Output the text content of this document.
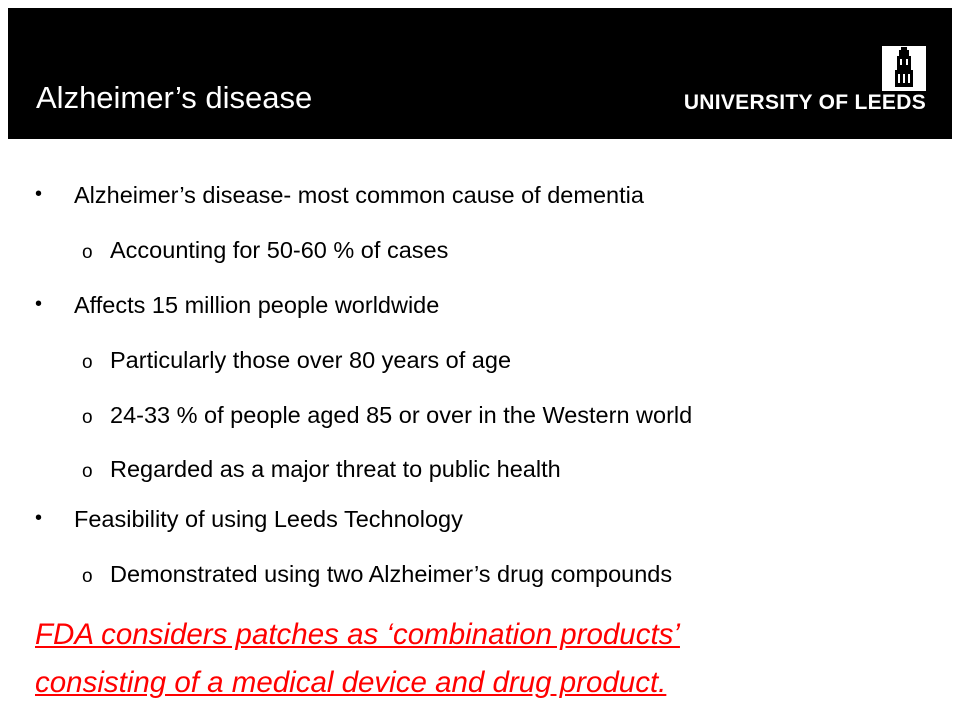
Alzheimer’s disease	UNIVERSITY OF LEEDS
• Alzheimer’s disease- most common cause of dementia
o Accounting for 50-60 % of cases
• Affects 15 million people worldwide
o Particularly those over 80 years of age
o 24-33 % of people aged 85 or over in the Western world
o Regarded as a major threat to public health
• Feasibility of using Leeds Technology
o Demonstrated using two Alzheimer’s drug compounds
FDA considers patches as ‘combination products’
consisting of a medical device and drug product.
